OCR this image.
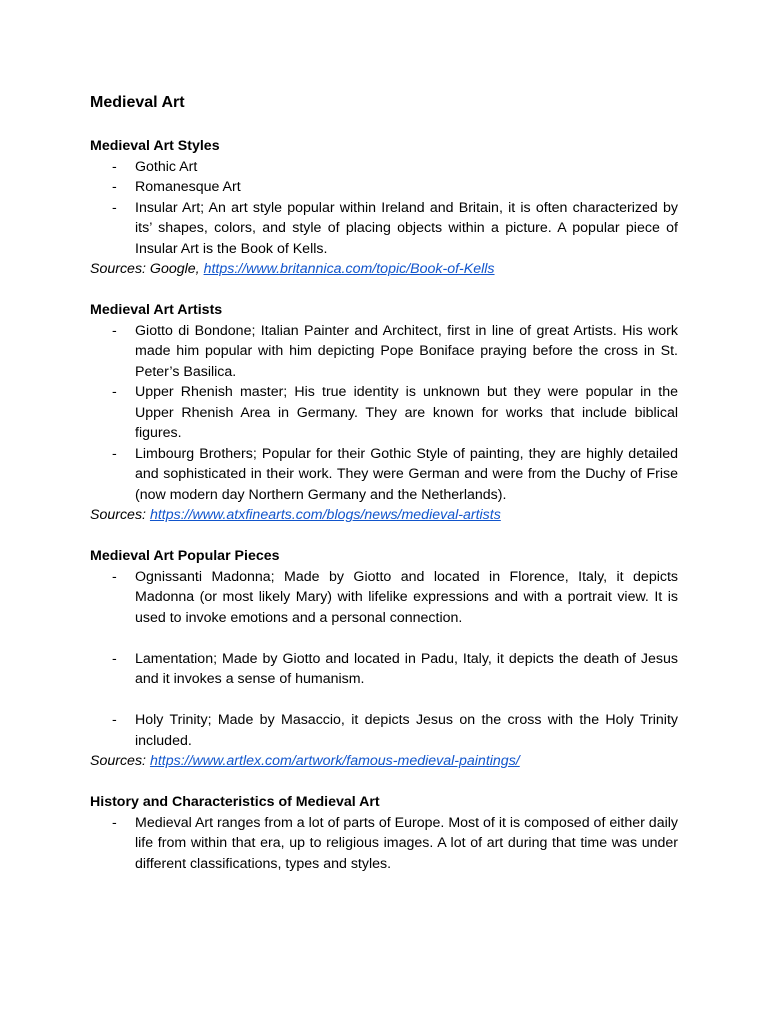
Medieval Art
Medieval Art Styles
- Gothic Art
- Romanesque Art
- Insular Art; An art style popular within Ireland and Britain, it is often characterized by its’ shapes, colors, and style of placing objects within a picture. A popular piece of Insular Art is the Book of Kells.

Sources: Google, https://www.britannica.com/topic/Book-of-Kells

Medieval Art Artists
- Giotto di Bondone; Italian Painter and Architect, first in line of great Artists. His work made him popular with him depicting Pope Boniface praying before the cross in St. Peter’s Basilica.
- Upper Rhenish master; His true identity is unknown but they were popular in the Upper Rhenish Area in Germany. They are known for works that include biblical figures.
- Limbourg Brothers; Popular for their Gothic Style of painting, they are highly detailed and sophisticated in their work. They were German and were from the Duchy of Frise (now modern day Northern Germany and the Netherlands).

Sources: https://www.atxfinearts.com/blogs/news/medieval-artists

Medieval Art Popular Pieces
- Ognissanti Madonna; Made by Giotto and located in Florence, Italy, it depicts Madonna (or most likely Mary) with lifelike expressions and with a portrait view. It is used to invoke emotions and a personal connection.
- Lamentation; Made by Giotto and located in Padu, Italy, it depicts the death of Jesus and it invokes a sense of humanism.
- Holy Trinity; Made by Masaccio, it depicts Jesus on the cross with the Holy Trinity included.

Sources: https://www.artlex.com/artwork/famous-medieval-paintings/

History and Characteristics of Medieval Art
- Medieval Art ranges from a lot of parts of Europe. Most of it is composed of either daily life from within that era, up to religious images. A lot of art during that time was under different classifications, types and styles.
